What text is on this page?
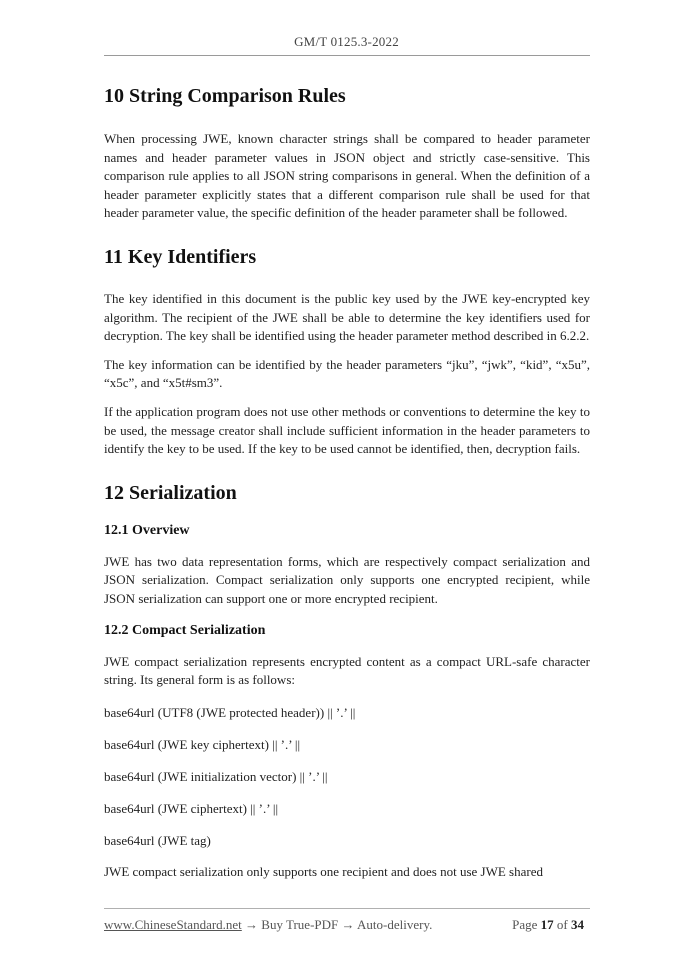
GM/T 0125.3-2022
10 String Comparison Rules

When processing JWE, known character strings shall be compared to header parameter names and header parameter values in JSON object and strictly case-sensitive. This comparison rule applies to all JSON string comparisons in general. When the definition of a header parameter explicitly states that a different comparison rule shall be used for that header parameter value, the specific definition of the header parameter shall be followed.

11 Key Identifiers

The key identified in this document is the public key used by the JWE key-encrypted key algorithm. The recipient of the JWE shall be able to determine the key identifiers used for decryption. The key shall be identified using the header parameter method described in 6.2.2.

The key information can be identified by the header parameters “jku”, “jwk”, “kid”, “x5u”, “x5c”, and “x5t#sm3”.

If the application program does not use other methods or conventions to determine the key to be used, the message creator shall include sufficient information in the header parameters to identify the key to be used. If the key to be used cannot be identified, then, decryption fails.

12 Serialization
12.1 Overview

JWE has two data representation forms, which are respectively compact serialization and JSON serialization. Compact serialization only supports one encrypted recipient, while JSON serialization can support one or more encrypted recipient.

12.2 Compact Serialization

JWE compact serialization represents encrypted content as a compact URL-safe character string. Its general form is as follows:

base64url (UTF8 (JWE protected header)) || ’.’ ||

base64url (JWE key ciphertext) || ’.’ ||

base64url (JWE initialization vector) || ’.’ ||

base64url (JWE ciphertext) || ’.’ ||

base64url (JWE tag)

JWE compact serialization only supports one recipient and does not use JWE shared

www.ChineseStandard.net → Buy True-PDF → Auto-delivery.	Page 17 of 34
